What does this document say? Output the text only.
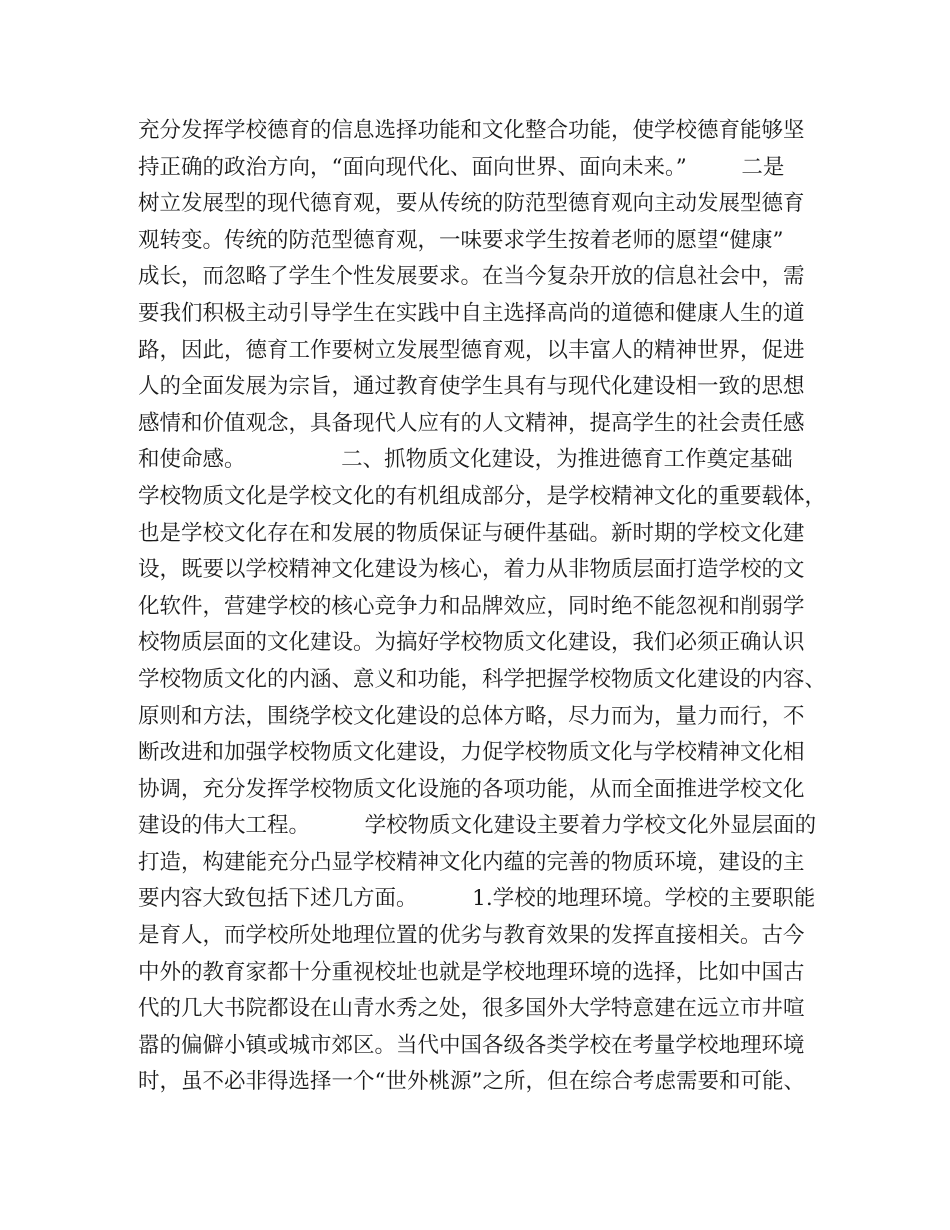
充分发挥学校德育的信息选择功能和文化整合功能，使学校德育能够坚
持正确的政治方向，“面向现代化、面向世界、面向未来。”        二是
树立发展型的现代德育观，要从传统的防范型德育观向主动发展型德育
观转变。传统的防范型德育观，一味要求学生按着老师的愿望“健康”
成长，而忽略了学生个性发展要求。在当今复杂开放的信息社会中，需
要我们积极主动引导学生在实践中自主选择高尚的道德和健康人生的道
路，因此，德育工作要树立发展型德育观，以丰富人的精神世界，促进
人的全面发展为宗旨，通过教育使学生具有与现代化建设相一致的思想
感情和价值观念，具备现代人应有的人文精神，提高学生的社会责任感
和使命感。              二、抓物质文化建设，为推进德育工作奠定基础
学校物质文化是学校文化的有机组成部分，是学校精神文化的重要载体，
也是学校文化存在和发展的物质保证与硬件基础。新时期的学校文化建
设，既要以学校精神文化建设为核心，着力从非物质层面打造学校的文
化软件，营建学校的核心竞争力和品牌效应，同时绝不能忽视和削弱学
校物质层面的文化建设。为搞好学校物质文化建设，我们必须正确认识
学校物质文化的内涵、意义和功能，科学把握学校物质文化建设的内容、
原则和方法，围绕学校文化建设的总体方略，尽力而为，量力而行，不
断改进和加强学校物质文化建设，力促学校物质文化与学校精神文化相
协调，充分发挥学校物质文化设施的各项功能，从而全面推进学校文化
建设的伟大工程。        学校物质文化建设主要着力学校文化外显层面的
打造，构建能充分凸显学校精神文化内蕴的完善的物质环境，建设的主
要内容大致包括下述几方面。        1.学校的地理环境。学校的主要职能
是育人，而学校所处地理位置的优劣与教育效果的发挥直接相关。古今
中外的教育家都十分重视校址也就是学校地理环境的选择，比如中国古
代的几大书院都设在山青水秀之处，很多国外大学特意建在远立市井喧
嚣的偏僻小镇或城市郊区。当代中国各级各类学校在考量学校地理环境
时，虽不必非得选择一个“世外桃源”之所，但在综合考虑需要和可能、
